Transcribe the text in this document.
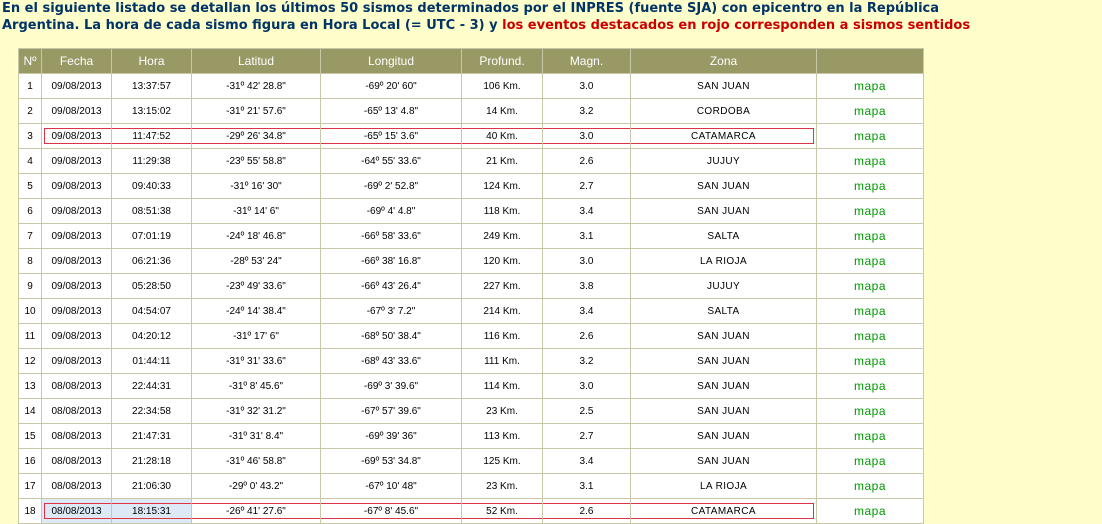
En el siguiente listado se detallan los últimos 50 sismos determinados por el INPRES (fuente SJA) con epicentro en la República
Argentina. La hora de cada sismo figura en Hora Local (= UTC - 3) y los eventos destacados en rojo corresponden a sismos sentidos
Nº	Fecha	Hora	Latitud	Longitud	Profund.	Magn.	Zona	
1	09/08/2013	13:37:57	-31º 42' 28.8"	-69º 20' 60"	106 Km.	3.0	SAN JUAN	mapa
2	09/08/2013	13:15:02	-31º 21' 57.6"	-65º 13' 4.8"	14 Km.	3.2	CORDOBA	mapa
3	09/08/2013	11:47:52	-29º 26' 34.8"	-65º 15' 3.6"	40 Km.	3.0	CATAMARCA	mapa
4	09/08/2013	11:29:38	-23º 55' 58.8"	-64º 55' 33.6"	21 Km.	2.6	JUJUY	mapa
5	09/08/2013	09:40:33	-31º 16' 30"	-69º 2' 52.8"	124 Km.	2.7	SAN JUAN	mapa
6	09/08/2013	08:51:38	-31º 14' 6"	-69º 4' 4.8"	118 Km.	3.4	SAN JUAN	mapa
7	09/08/2013	07:01:19	-24º 18' 46.8"	-66º 58' 33.6"	249 Km.	3.1	SALTA	mapa
8	09/08/2013	06:21:36	-28º 53' 24"	-66º 38' 16.8"	120 Km.	3.0	LA RIOJA	mapa
9	09/08/2013	05:28:50	-23º 49' 33.6"	-66º 43' 26.4"	227 Km.	3.8	JUJUY	mapa
10	09/08/2013	04:54:07	-24º 14' 38.4"	-67º 3' 7.2"	214 Km.	3.4	SALTA	mapa
11	09/08/2013	04:20:12	-31º 17' 6"	-68º 50' 38.4"	116 Km.	2.6	SAN JUAN	mapa
12	09/08/2013	01:44:11	-31º 31' 33.6"	-68º 43' 33.6"	111 Km.	3.2	SAN JUAN	mapa
13	08/08/2013	22:44:31	-31º 8' 45.6"	-69º 3' 39.6"	114 Km.	3.0	SAN JUAN	mapa
14	08/08/2013	22:34:58	-31º 32' 31.2"	-67º 57' 39.6"	23 Km.	2.5	SAN JUAN	mapa
15	08/08/2013	21:47:31	-31º 31' 8.4"	-69º 39' 36"	113 Km.	2.7	SAN JUAN	mapa
16	08/08/2013	21:28:18	-31º 46' 58.8"	-69º 53' 34.8"	125 Km.	3.4	SAN JUAN	mapa
17	08/08/2013	21:06:30	-29º 0' 43.2"	-67º 10' 48"	23 Km.	3.1	LA RIOJA	mapa
18	08/08/2013	18:15:31	-26º 41' 27.6"	-67º 8' 45.6"	52 Km.	2.6	CATAMARCA	mapa
